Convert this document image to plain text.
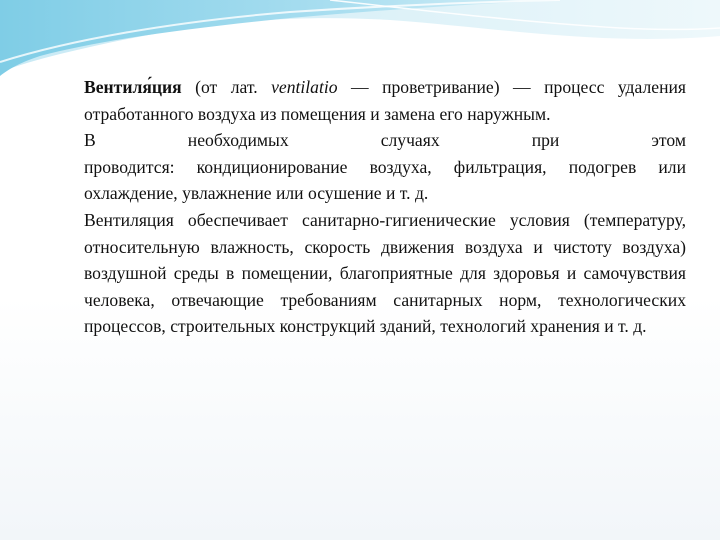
Вентиля́ция (от лат. ventilatio — проветривание) — процесс удаления отработанного воздуха из помещения и замена его наружным.

В необходимых случаях при этом

проводится: кондиционирование воздуха, фильтрация, подогрев или охлаждение, увлажнение или осушение и т. д.

Вентиляция обеспечивает санитарно-гигиенические условия (температуру, относительную влажность, скорость движения воздуха и чистоту воздуха) воздушной среды в помещении, благоприятные для здоровья и самочувствия человека, отвечающие требованиям санитарных норм, технологических процессов, строительных конструкций зданий, технологий хранения и т. д.
